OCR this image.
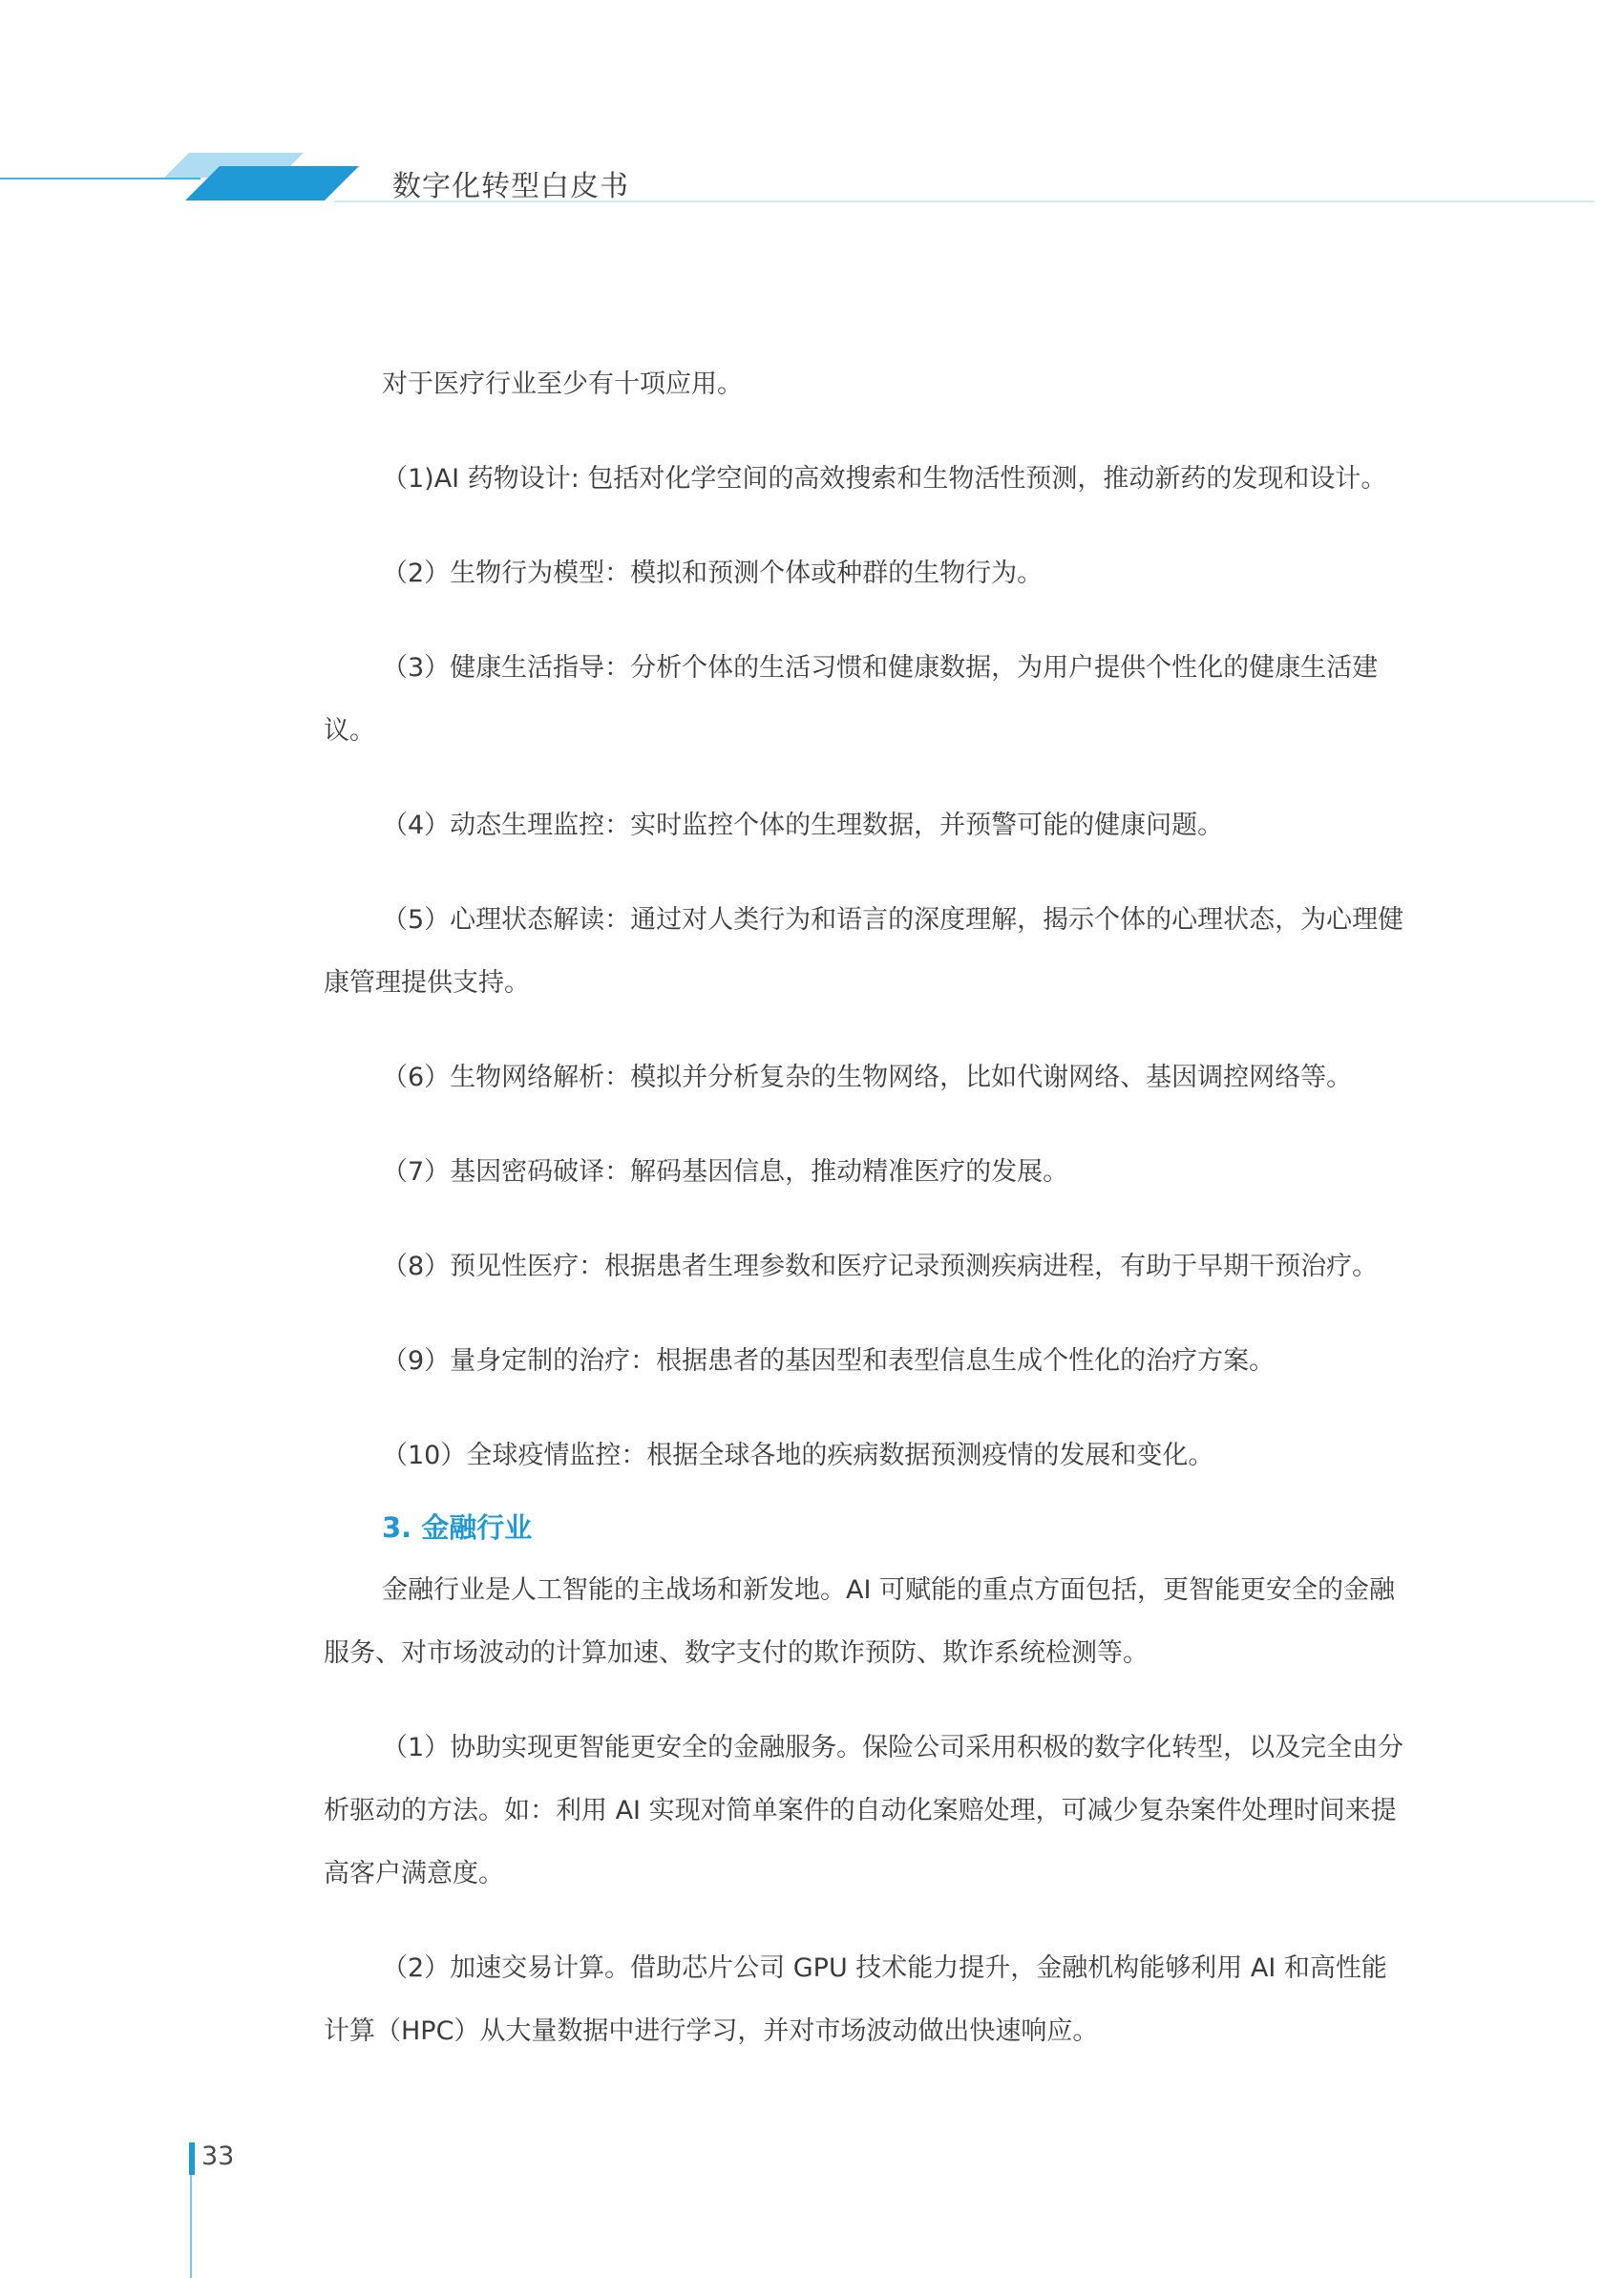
数字化转型白皮书

对于医疗行业至少有十项应用。

（1)AI 药物设计: 包括对化学空间的高效搜索和生物活性预测，推动新药的发现和设计。

（2）生物行为模型：模拟和预测个体或种群的生物行为。

（3）健康生活指导：分析个体的生活习惯和健康数据，为用户提供个性化的健康生活建议。

（4）动态生理监控：实时监控个体的生理数据，并预警可能的健康问题。

（5）心理状态解读：通过对人类行为和语言的深度理解，揭示个体的心理状态，为心理健康管理提供支持。

（6）生物网络解析：模拟并分析复杂的生物网络，比如代谢网络、基因调控网络等。

（7）基因密码破译：解码基因信息，推动精准医疗的发展。

（8）预见性医疗：根据患者生理参数和医疗记录预测疾病进程，有助于早期干预治疗。

（9）量身定制的治疗：根据患者的基因型和表型信息生成个性化的治疗方案。

（10）全球疫情监控：根据全球各地的疾病数据预测疫情的发展和变化。

3. 金融行业

金融行业是人工智能的主战场和新发地。AI 可赋能的重点方面包括，更智能更安全的金融服务、对市场波动的计算加速、数字支付的欺诈预防、欺诈系统检测等。

（1）协助实现更智能更安全的金融服务。保险公司采用积极的数字化转型，以及完全由分析驱动的方法。如：利用 AI 实现对简单案件的自动化案赔处理，可减少复杂案件处理时间来提高客户满意度。

（2）加速交易计算。借助芯片公司 GPU 技术能力提升，金融机构能够利用 AI 和高性能计算（HPC）从大量数据中进行学习，并对市场波动做出快速响应。

33
